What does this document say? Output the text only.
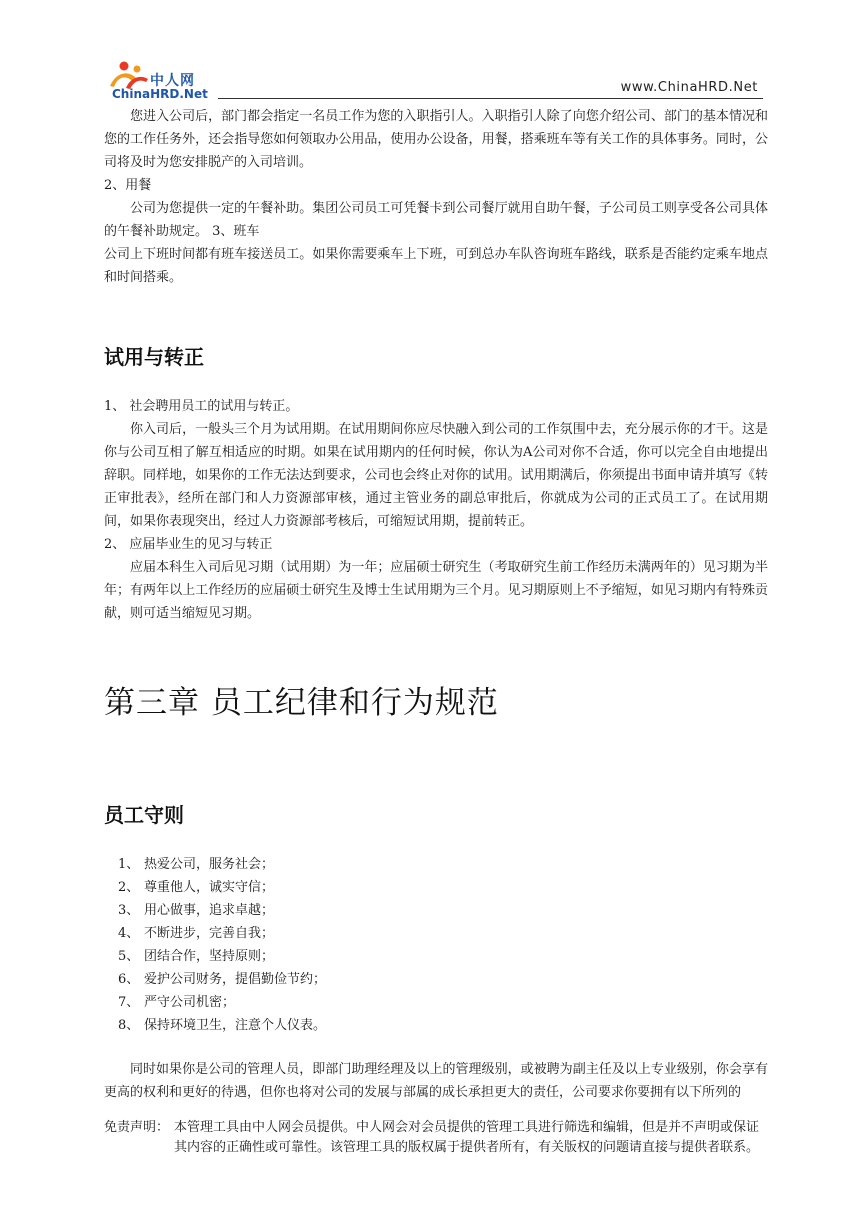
中人网
ChinaHRD.Net	www.ChinaHRD.Net
您进入公司后，部门都会指定一名员工作为您的入职指引人。入职指引人除了向您介绍公司、部门的基本情况和您的工作任务外，还会指导您如何领取办公用品，使用办公设备，用餐，搭乘班车等有关工作的具体事务。同时，公司将及时为您安排脱产的入司培训。
2、用餐
公司为您提供一定的午餐补助。集团公司员工可凭餐卡到公司餐厅就用自助午餐，子公司员工则享受各公司具体的午餐补助规定。 3、班车
公司上下班时间都有班车接送员工。如果你需要乘车上下班，可到总办车队咨询班车路线，联系是否能约定乘车地点和时间搭乘。
试用与转正
1、 社会聘用员工的试用与转正。
你入司后，一般头三个月为试用期。在试用期间你应尽快融入到公司的工作氛围中去，充分展示你的才干。这是你与公司互相了解互相适应的时期。如果在试用期内的任何时候，你认为A公司对你不合适，你可以完全自由地提出辞职。同样地，如果你的工作无法达到要求，公司也会终止对你的试用。试用期满后，你须提出书面申请并填写《转正审批表》，经所在部门和人力资源部审核，通过主管业务的副总审批后，你就成为公司的正式员工了。在试用期间，如果你表现突出，经过人力资源部考核后，可缩短试用期，提前转正。
2、 应届毕业生的见习与转正
应届本科生入司后见习期（试用期）为一年；应届硕士研究生（考取研究生前工作经历未满两年的）见习期为半年；有两年以上工作经历的应届硕士研究生及博士生试用期为三个月。见习期原则上不予缩短，如见习期内有特殊贡献，则可适当缩短见习期。
第三章 员工纪律和行为规范
员工守则
1、 热爱公司，服务社会；
2、 尊重他人，诚实守信；
3、 用心做事，追求卓越；
4、 不断进步，完善自我；
5、 团结合作，坚持原则；
6、 爱护公司财务，提倡勤俭节约；
7、 严守公司机密；
8、 保持环境卫生，注意个人仪表。
同时如果你是公司的管理人员，即部门助理经理及以上的管理级别，或被聘为副主任及以上专业级别，你会享有更高的权利和更好的待遇，但你也将对公司的发展与部属的成长承担更大的责任，公司要求你要拥有以下所列的
免责声明： 本管理工具由中人网会员提供。中人网会对会员提供的管理工具进行筛选和编辑，但是并不声明或保证
其内容的正确性或可靠性。该管理工具的版权属于提供者所有，有关版权的问题请直接与提供者联系。
